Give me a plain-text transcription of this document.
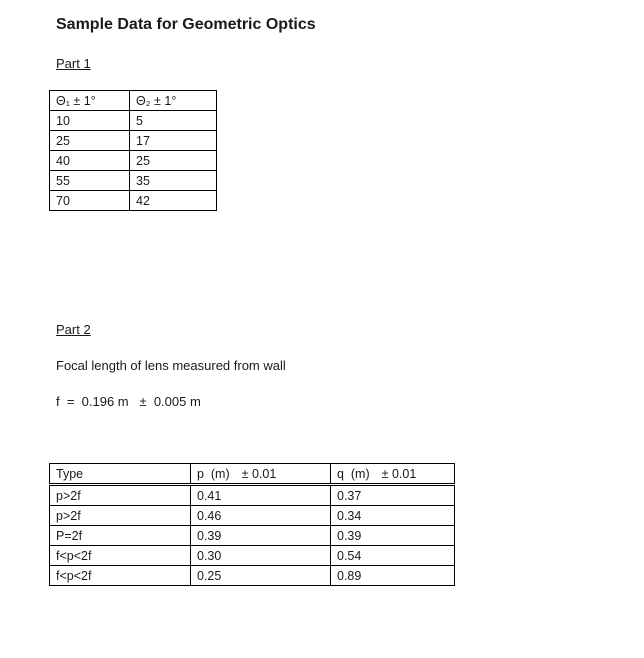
Sample Data for Geometric Optics
Part 1
Θ₁ ± 1°	Θ₂ ± 1°
10	5
25	17
40	25
55	35
70	42
Part 2
Focal length of lens measured from wall
f  =  0.196 m ±  0.005 m
Type	p  (m) ± 0.01	q  (m) ± 0.01
p>2f	0.41	0.37
p>2f	0.46	0.34
P=2f	0.39	0.39
f<p<2f	0.30	0.54
f<p<2f	0.25	0.89
